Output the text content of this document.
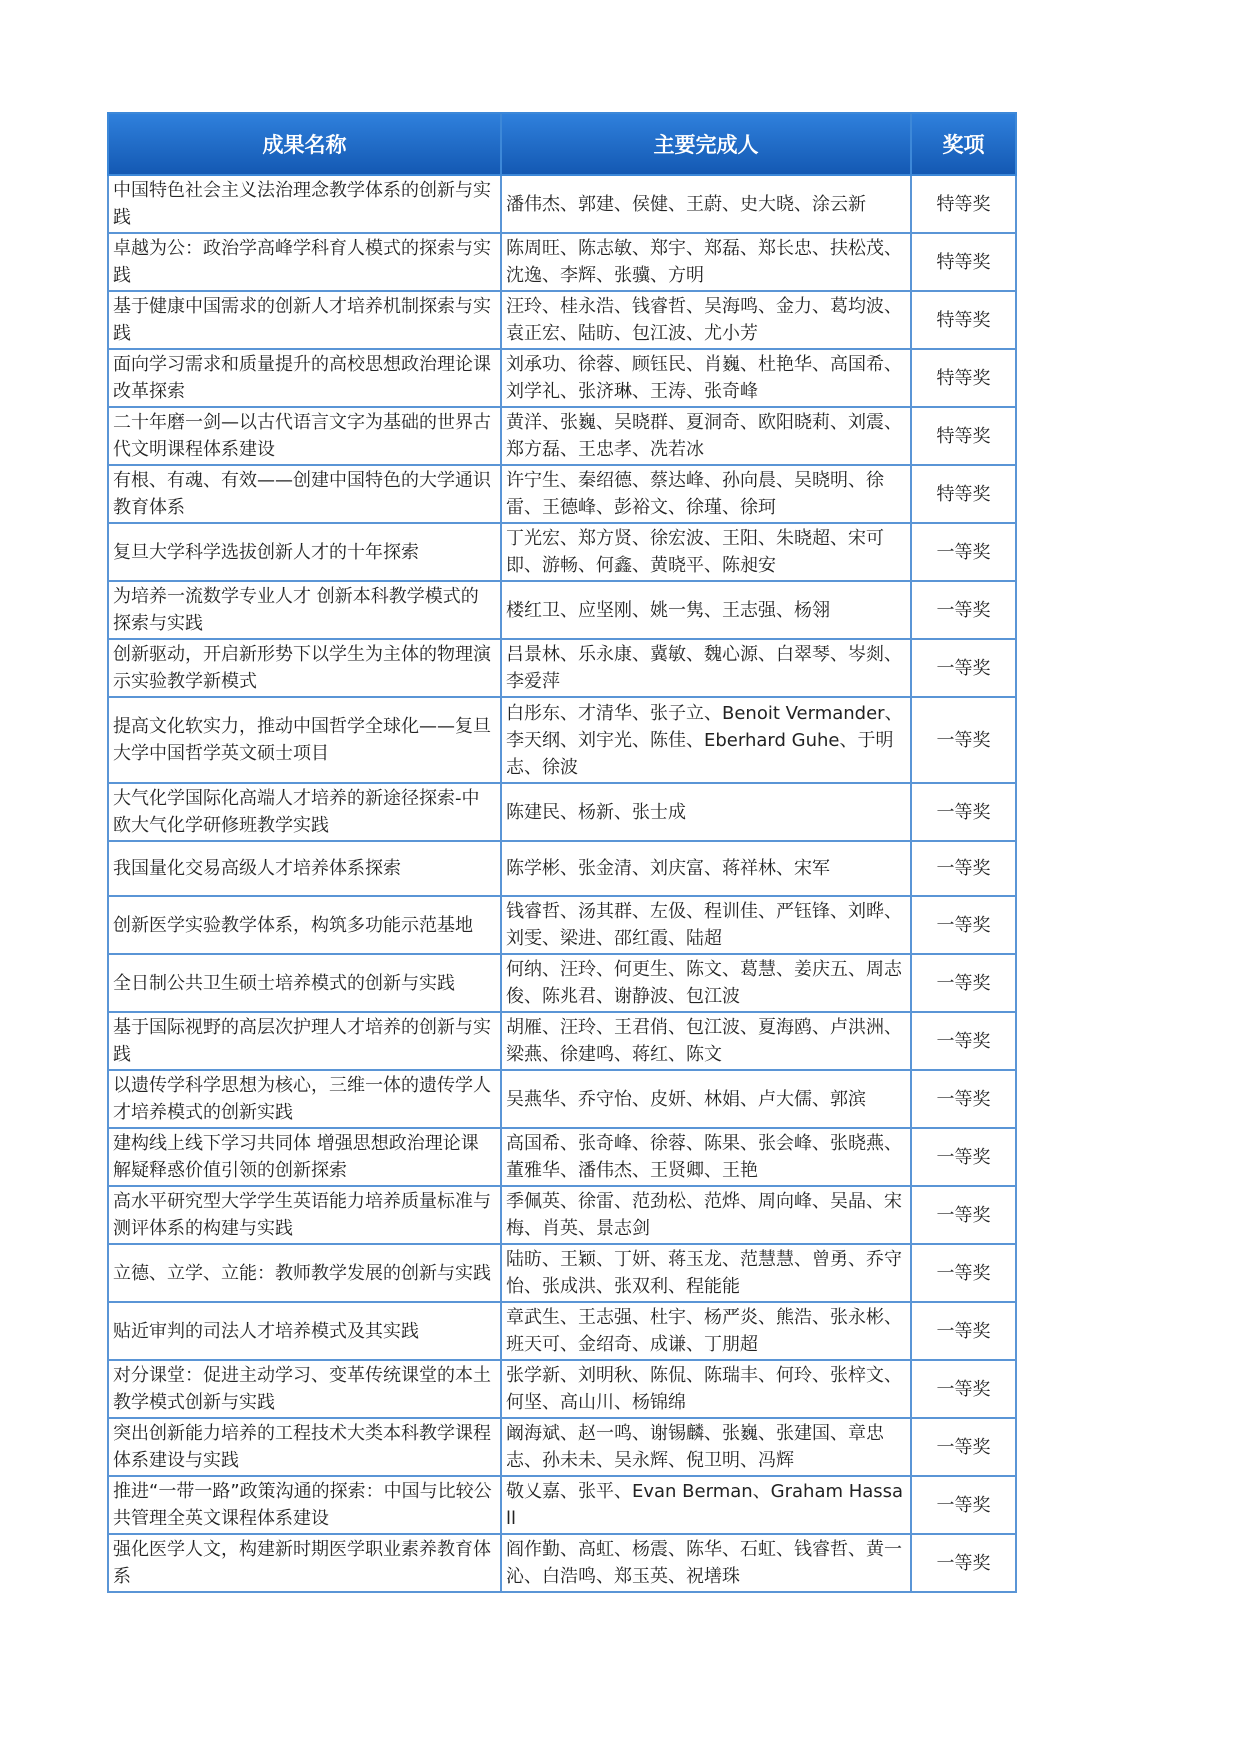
成果名称	主要完成人	奖项
中国特色社会主义法治理念教学体系的创新与实践	潘伟杰、郭建、侯健、王蔚、史大晓、涂云新	特等奖
卓越为公：政治学高峰学科育人模式的探索与实践	陈周旺、陈志敏、郑宇、郑磊、郑长忠、扶松茂、沈逸、李辉、张骥、方明	特等奖
基于健康中国需求的创新人才培养机制探索与实践	汪玲、桂永浩、钱睿哲、吴海鸣、金力、葛均波、袁正宏、陆昉、包江波、尤小芳	特等奖
面向学习需求和质量提升的高校思想政治理论课改革探索	刘承功、徐蓉、顾钰民、肖巍、杜艳华、高国希、刘学礼、张济琳、王涛、张奇峰	特等奖
二十年磨一剑—以古代语言文字为基础的世界古代文明课程体系建设	黄洋、张巍、吴晓群、夏洞奇、欧阳晓莉、刘震、郑方磊、王忠孝、冼若冰	特等奖
有根、有魂、有效——创建中国特色的大学通识教育体系	许宁生、秦绍德、蔡达峰、孙向晨、吴晓明、徐雷、王德峰、彭裕文、徐瑾、徐珂	特等奖
复旦大学科学选拔创新人才的十年探索	丁光宏、郑方贤、徐宏波、王阳、朱晓超、宋可即、游畅、何鑫、黄晓平、陈昶安	一等奖
为培养一流数学专业人才 创新本科教学模式的探索与实践	楼红卫、应坚刚、姚一隽、王志强、杨翎	一等奖
创新驱动，开启新形势下以学生为主体的物理演示实验教学新模式	吕景林、乐永康、冀敏、魏心源、白翠琴、岑剡、李爱萍	一等奖
提高文化软实力，推动中国哲学全球化——复旦大学中国哲学英文硕士项目	白彤东、才清华、张子立、Benoit Vermander、李天纲、刘宇光、陈佳、Eberhard Guhe、于明志、徐波	一等奖
大气化学国际化高端人才培养的新途径探索-中欧大气化学研修班教学实践	陈建民、杨新、张士成	一等奖
我国量化交易高级人才培养体系探索	陈学彬、张金清、刘庆富、蒋祥林、宋军	一等奖
创新医学实验教学体系，构筑多功能示范基地	钱睿哲、汤其群、左伋、程训佳、严钰锋、刘晔、刘雯、梁进、邵红霞、陆超	一等奖
全日制公共卫生硕士培养模式的创新与实践	何纳、汪玲、何更生、陈文、葛慧、姜庆五、周志俊、陈兆君、谢静波、包江波	一等奖
基于国际视野的高层次护理人才培养的创新与实践	胡雁、汪玲、王君俏、包江波、夏海鸥、卢洪洲、梁燕、徐建鸣、蒋红、陈文	一等奖
以遗传学科学思想为核心，三维一体的遗传学人才培养模式的创新实践	吴燕华、乔守怡、皮妍、林娟、卢大儒、郭滨	一等奖
建构线上线下学习共同体 增强思想政治理论课解疑释惑价值引领的创新探索	高国希、张奇峰、徐蓉、陈果、张会峰、张晓燕、董雅华、潘伟杰、王贤卿、王艳	一等奖
高水平研究型大学学生英语能力培养质量标准与测评体系的构建与实践	季佩英、徐雷、范劲松、范烨、周向峰、吴晶、宋梅、肖英、景志剑	一等奖
立德、立学、立能：教师教学发展的创新与实践	陆昉、王颖、丁妍、蒋玉龙、范慧慧、曾勇、乔守怡、张成洪、张双利、程能能	一等奖
贴近审判的司法人才培养模式及其实践	章武生、王志强、杜宇、杨严炎、熊浩、张永彬、班天可、金绍奇、成谦、丁朋超	一等奖
对分课堂：促进主动学习、变革传统课堂的本土教学模式创新与实践	张学新、刘明秋、陈侃、陈瑞丰、何玲、张梓文、何坚、高山川、杨锦绵	一等奖
突出创新能力培养的工程技术大类本科教学课程体系建设与实践	阚海斌、赵一鸣、谢锡麟、张巍、张建国、章忠志、孙未未、吴永辉、倪卫明、冯辉	一等奖
推进“一带一路”政策沟通的探索：中国与比较公共管理全英文课程体系建设	敬乂嘉、张平、Evan Berman、Graham Hassall	一等奖
强化医学人文，构建新时期医学职业素养教育体系	阎作勤、高虹、杨震、陈华、石虹、钱睿哲、黄一沁、白浩鸣、郑玉英、祝墡珠	一等奖
